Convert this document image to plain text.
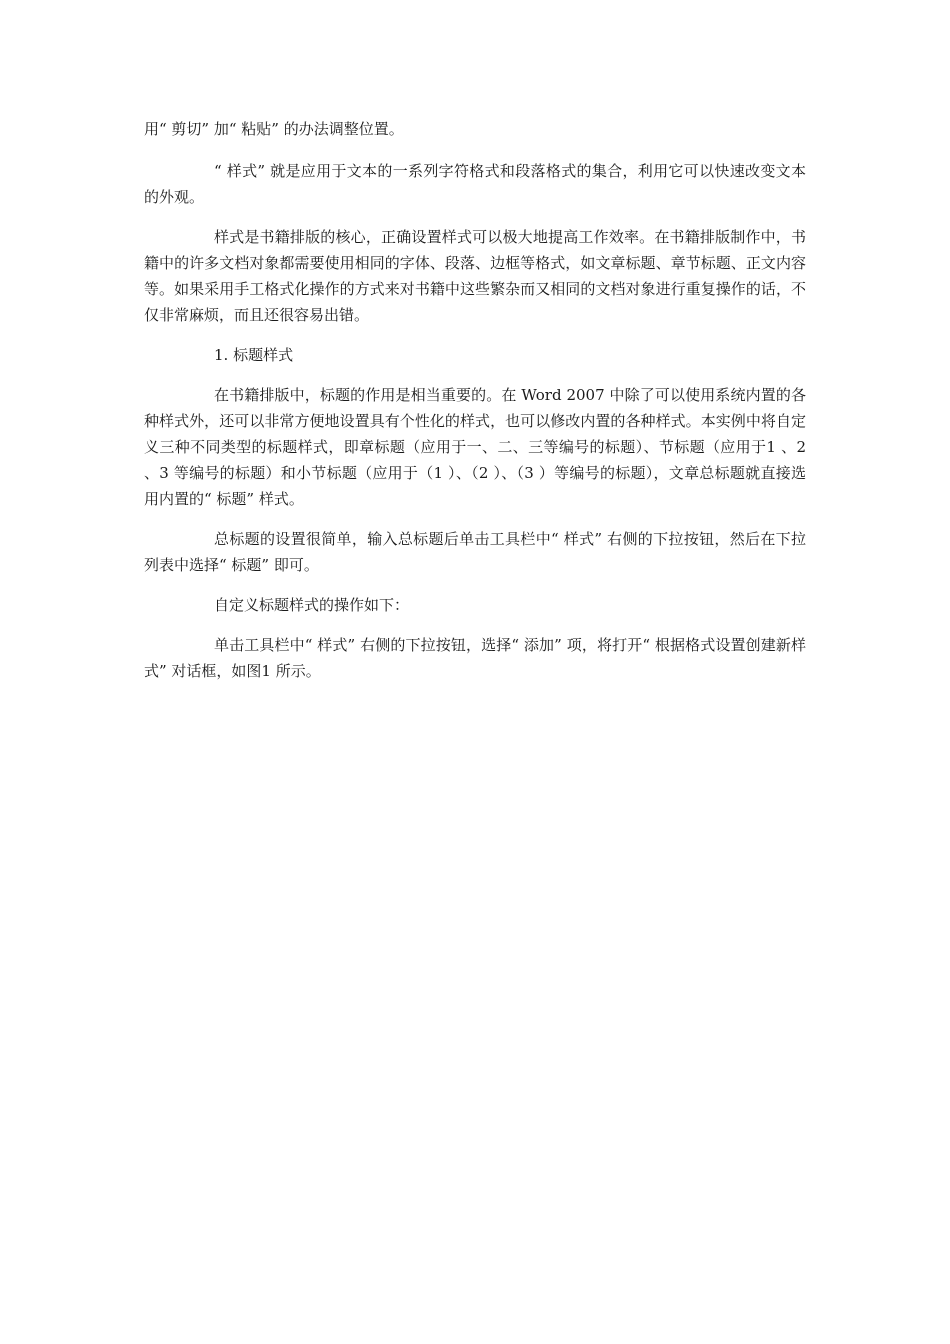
用“ 剪切” 加“ 粘贴” 的办法调整位置。

“ 样式” 就是应用于文本的一系列字符格式和段落格式的集合，利用它可以快速改变文本的外观。

样式是书籍排版的核心，正确设置样式可以极大地提高工作效率。在书籍排版制作中，书籍中的许多文档对象都需要使用相同的字体、段落、边框等格式，如文章标题、章节标题、正文内容等。如果采用手工格式化操作的方式来对书籍中这些繁杂而又相同的文档对象进行重复操作的话，不仅非常麻烦，而且还很容易出错。

1. 标题样式

在书籍排版中，标题的作用是相当重要的。在 Word 2007 中除了可以使用系统内置的各种样式外，还可以非常方便地设置具有个性化的样式，也可以修改内置的各种样式。本实例中将自定义三种不同类型的标题样式，即章标题（应用于一、二、三等编号的标题）、节标题（应用于1 、2 、3 等编号的标题）和小节标题（应用于（1 ）、（2 ）、（3 ）等编号的标题），文章总标题就直接选用内置的“ 标题” 样式。

总标题的设置很简单，输入总标题后单击工具栏中“ 样式” 右侧的下拉按钮，然后在下拉列表中选择“ 标题” 即可。

自定义标题样式的操作如下：

单击工具栏中“ 样式” 右侧的下拉按钮，选择“ 添加” 项，将打开“ 根据格式设置创建新样式” 对话框，如图1 所示。
